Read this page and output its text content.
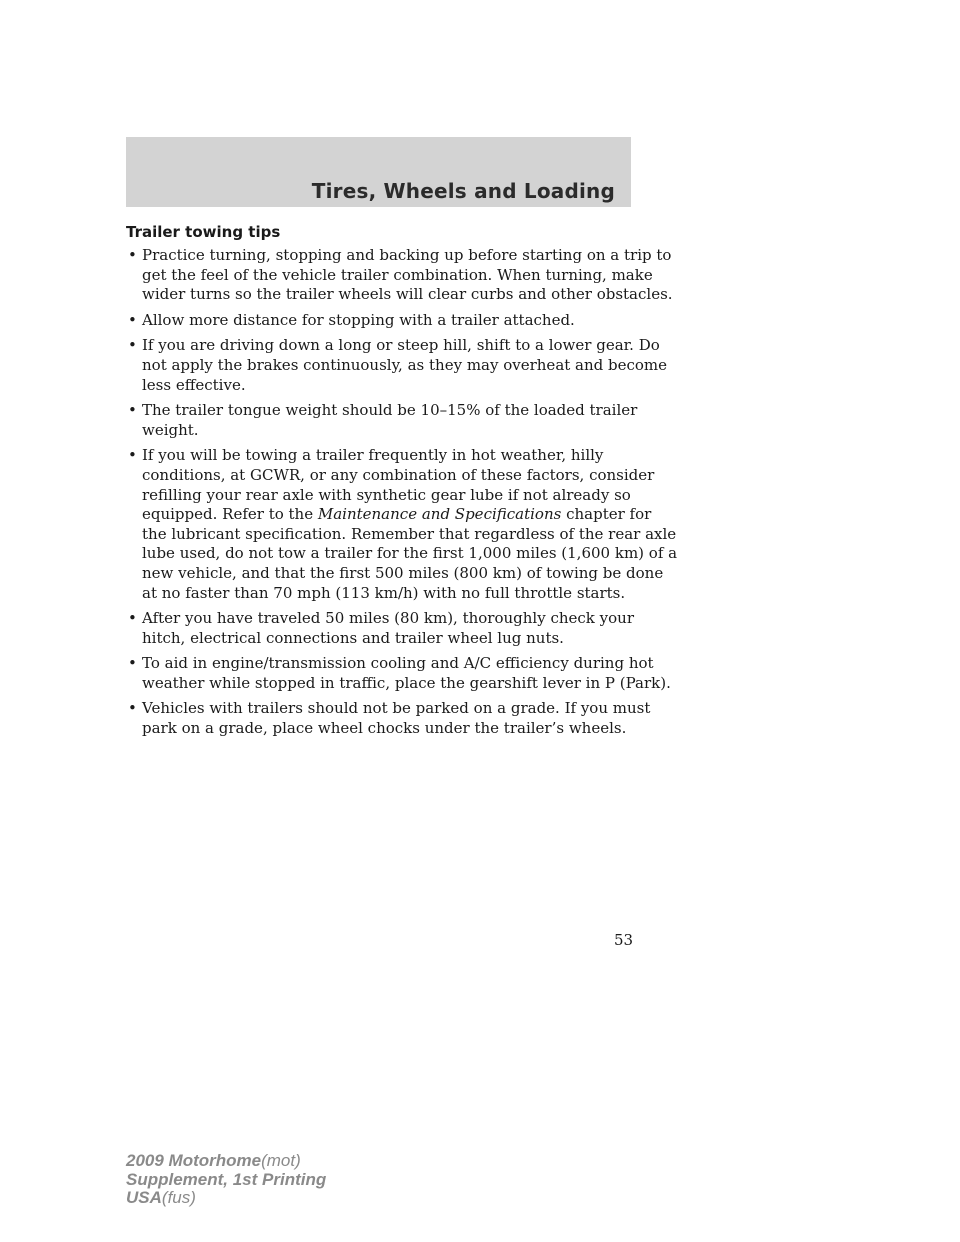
Tires, Wheels and Loading
Trailer towing tips
• Practice turning, stopping and backing up before starting on a trip to
get the feel of the vehicle trailer combination. When turning, make
wider turns so the trailer wheels will clear curbs and other obstacles.
• Allow more distance for stopping with a trailer attached.
• If you are driving down a long or steep hill, shift to a lower gear. Do
not apply the brakes continuously, as they may overheat and become
less effective.
• The trailer tongue weight should be 10–15% of the loaded trailer
weight.
• If you will be towing a trailer frequently in hot weather, hilly
conditions, at GCWR, or any combination of these factors, consider
refilling your rear axle with synthetic gear lube if not already so
equipped. Refer to the Maintenance and Specifications chapter for
the lubricant specification. Remember that regardless of the rear axle
lube used, do not tow a trailer for the first 1,000 miles (1,600 km) of a
new vehicle, and that the first 500 miles (800 km) of towing be done
at no faster than 70 mph (113 km/h) with no full throttle starts.
• After you have traveled 50 miles (80 km), thoroughly check your
hitch, electrical connections and trailer wheel lug nuts.
• To aid in engine/transmission cooling and A/C efficiency during hot
weather while stopped in traffic, place the gearshift lever in P (Park).
• Vehicles with trailers should not be parked on a grade. If you must
park on a grade, place wheel chocks under the trailer’s wheels.
53
2009 Motorhome(mot)
Supplement, 1st Printing
USA(fus)
